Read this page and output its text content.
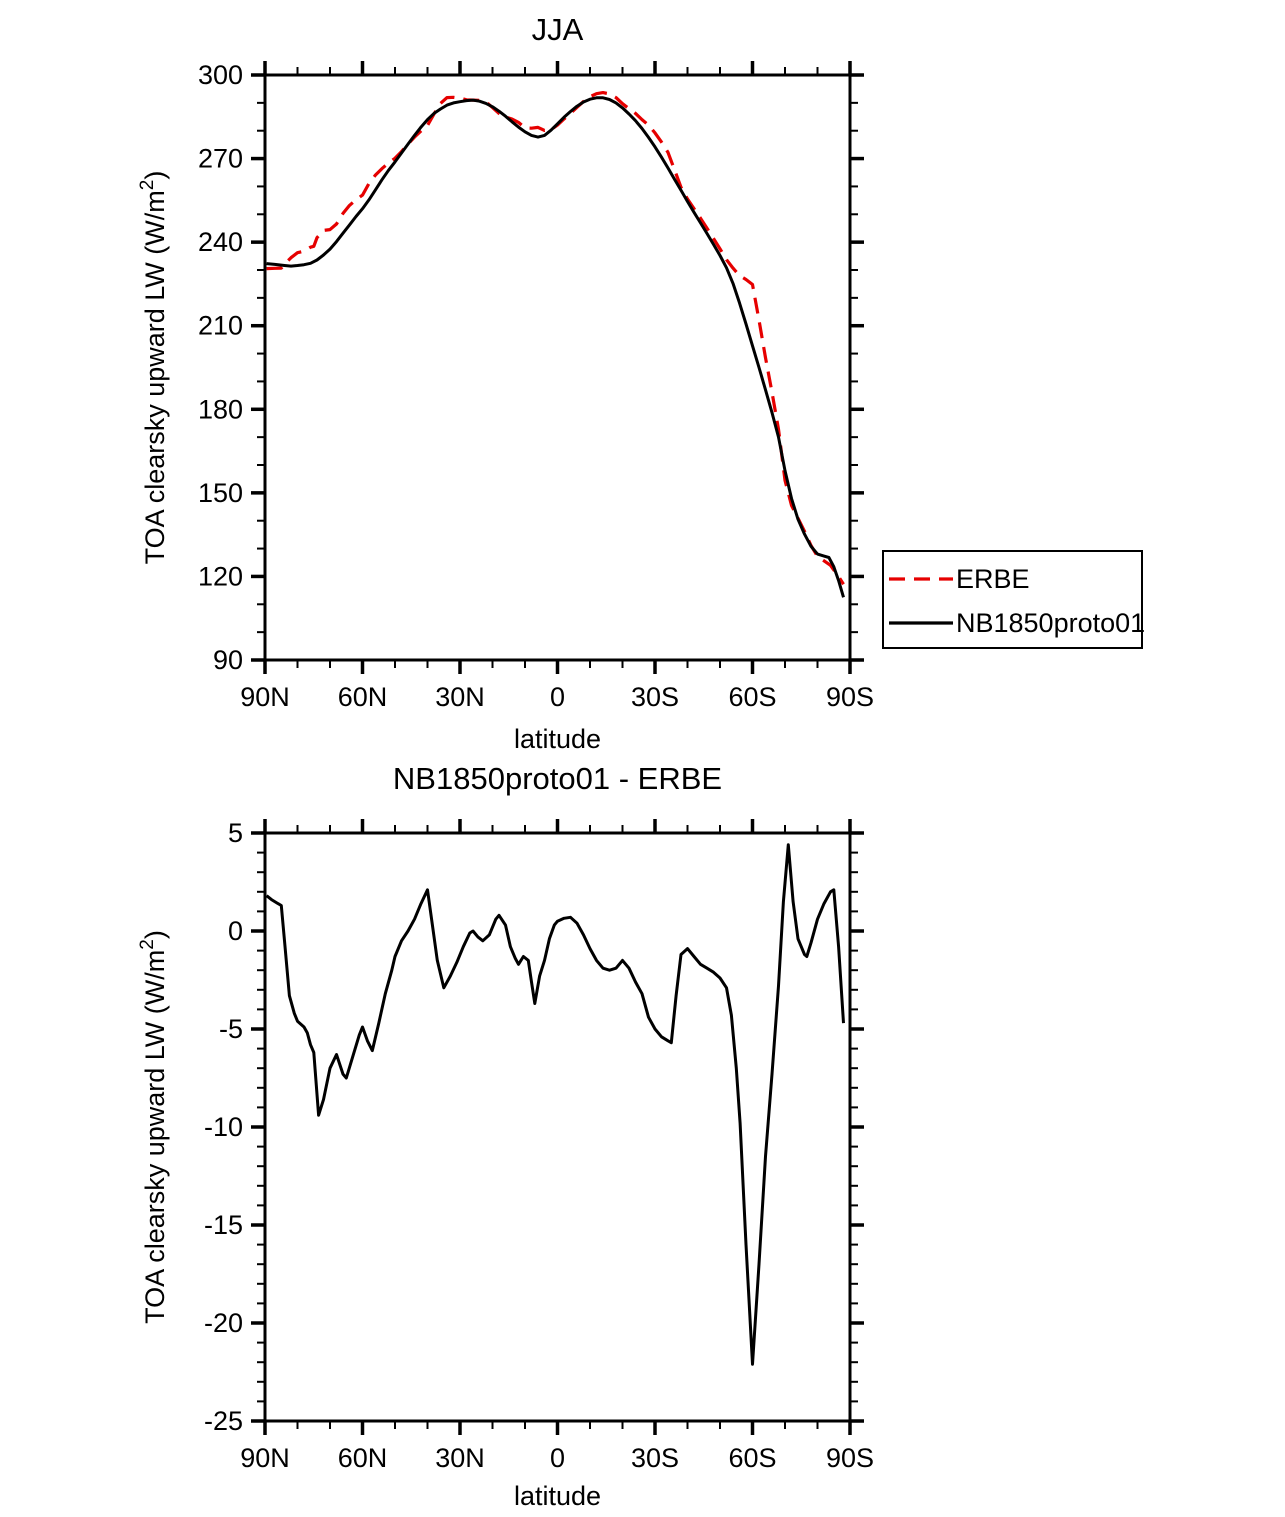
300
270
240
210
180
150
120
90
90N 60N 30N 0 30S 60S 90S
JJA
latitude
TOA clearsky upward LW $(W/m^2)$
ERBE
NB1850proto01
5
0
-5
-10
-15
-20
-25
90N 60N 30N 0 30S 60S 90S
NB1850proto01 - ERBE
latitude
TOA clearsky upward LW $(W/m^2)$
